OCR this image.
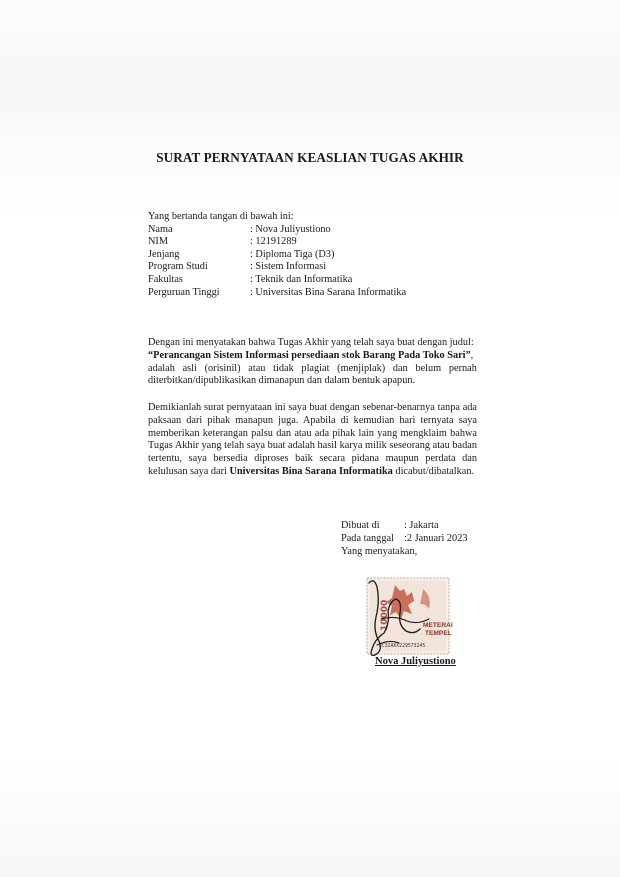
SURAT PERNYATAAN KEASLIAN TUGAS AKHIR
Yang bertanda tangan di bawah ini:
Nama	: Nova Juliyustiono
NIM	: 12191289
Jenjang	: Diploma Tiga (D3)
Program Studi	: Sistem Informasi
Fakultas	: Teknik dan Informatika
Perguruan Tinggi	: Universitas Bina Sarana Informatika
Dengan ini menyatakan bahwa Tugas Akhir yang telah saya buat dengan judul:
“Perancangan Sistem Informasi persediaan stok Barang Pada Toko Sari”,
adalah asli (orisinil) atau tidak plagiat (menjiplak) dan belum pernah
diterbitkan/dipublikasikan dimanapun dan dalam bentuk apapun.
Demikianlah surat pernyataan ini saya buat dengan sebenar-benarnya tanpa ada paksaan dari pihak manapun juga. Apabila di kemudian hari ternyata saya memberikan keterangan palsu dan atau ada pihak lain yang mengklaim bahwa Tugas Akhir yang telah saya buat adalah hasil karya milik seseorang atau badan tertentu, saya bersedia diproses baik secara pidana maupun perdata dan kelulusan saya dari Universitas Bina Sarana Informatika dicabut/dibatalkan.
Dibuat di	: Jakarta
Pada tanggal :2 Januari 2023
Yang menyatakan,
10000	METERAI
TEMPEL
2C32AKX229573245
Nova Juliyustiono
